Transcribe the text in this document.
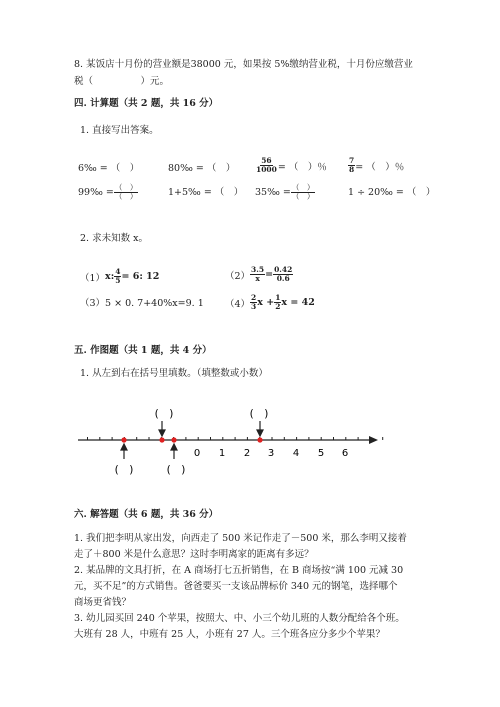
8. 某饭店十月份的营业额是38000 元，如果按 5%缴纳营业税，十月份应缴营业
税（　　　　　）元。
四. 计算题（共 2 题，共 16 分）
1. 直接写出答案。
6‰ = （　）	80‰ = （　）	$\frac{56}{1000}$ = （　）％	$\frac{7}{8}$ = （　）％
99‰ = $\frac{( )}{( )}$	1+5‰ = （　） 35‰ = $\frac{( )}{( )}$	1 ÷ 20‰ = （　）
2. 求未知数 x。
（1） x : $\frac{4}{5} = 6$: 12	$(2) \frac{3.5}{x} = \frac{0.42}{0.6}$
（3）5 × 0. 7+40%x=9. 1 $(4) \frac{2}{3}$ $x + \frac{1}{2}$ x = 42
五. 作图题（共 1 题，共 4 分）
1. 从左到右在括号里填数。（填整数或小数）
0 1 2 3 4 5 6
(　)	(　)
(　)	(　)
六. 解答题（共 6 题，共 36 分）
1. 我们把李明从家出发，向西走了 500 米记作走了－500 米，那么李明又接着
走了＋800 米是什么意思？这时李明离家的距离有多远？
2. 某品牌的文具打折，在 A 商场打七五折销售，在 B 商场按“满 100 元减 30
元，买不足”的方式销售。爸爸要买一支该品牌标价 340 元的钢笔，选择哪个
商场更省钱？
3. 幼儿园买回 240 个苹果，按照大、中、小三个幼儿班的人数分配给各个班。
大班有 28 人，中班有 25 人，小班有 27 人。三个班各应分多少个苹果？
